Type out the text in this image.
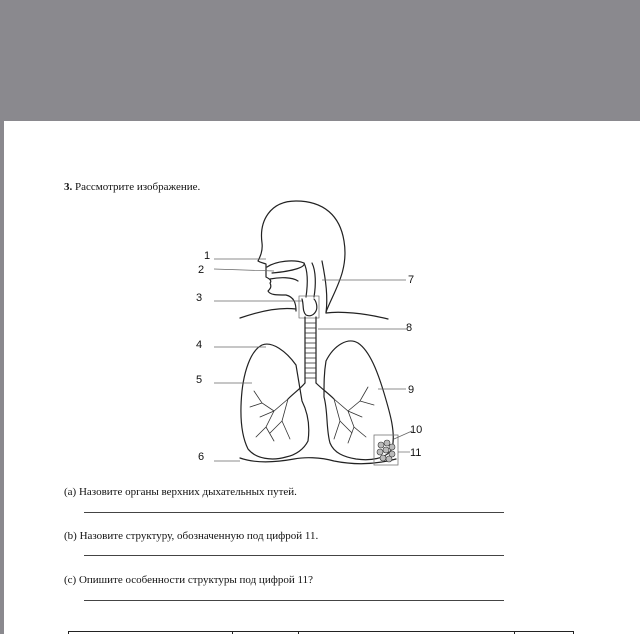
3. Рассмотрите изображение.
1
2
3
4
5
6
7
8
9
10
11
(a) Назовите органы верхних дыхательных путей.
(b) Назовите структуру, обозначенную под цифрой 11.
(c) Опишите особенности структуры под цифрой 11?
